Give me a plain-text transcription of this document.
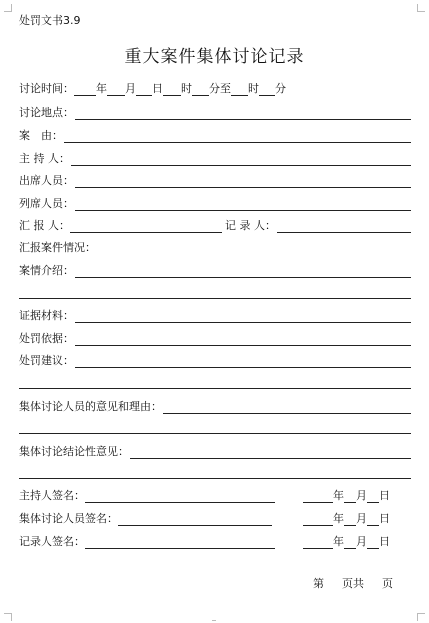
处罚文书3.9
重大案件集体讨论记录
讨论时间： 年 月 日 时 分至 时 分
讨论地点：
案　由：
主 持 人：
出席人员：
列席人员：
汇 报 人：	记 录 人：
汇报案件情况：
案情介绍：
证据材料：
处罚依据：
处罚建议：
集体讨论人员的意见和理由：
集体讨论结论性意见：
主持人签名：	年 月 日
集体讨论人员签名：	年 月 日
记录人签名：	年 月 日
第 页共 页
